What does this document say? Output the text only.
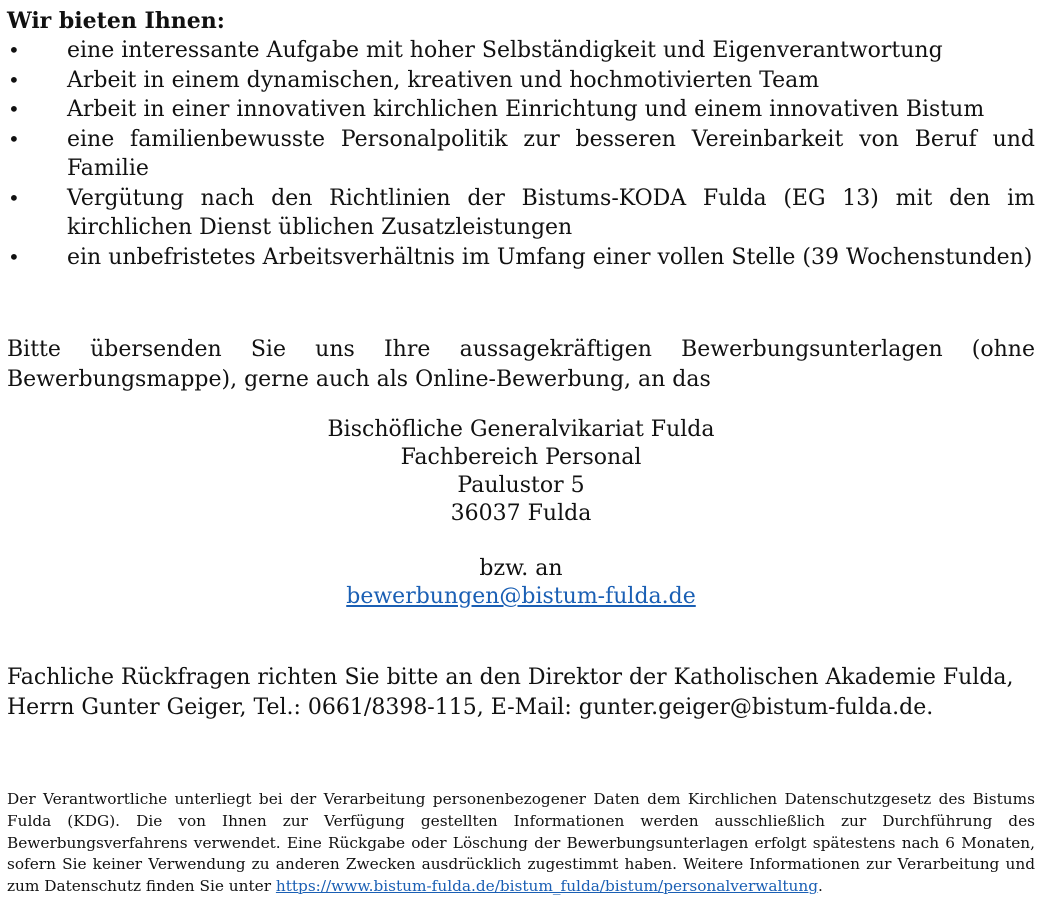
Wir bieten Ihnen:
• eine interessante Aufgabe mit hoher Selbständigkeit und Eigenverantwortung
• Arbeit in einem dynamischen, kreativen und hochmotivierten Team
• Arbeit in einer innovativen kirchlichen Einrichtung und einem innovativen Bistum
• eine familienbewusste Personalpolitik zur besseren Vereinbarkeit von Beruf und Familie
• Vergütung nach den Richtlinien der Bistums-KODA Fulda (EG 13) mit den im kirchlichen Dienst üblichen Zusatzleistungen
• ein unbefristetes Arbeitsverhältnis im Umfang einer vollen Stelle (39 Wochenstunden)

Bitte übersenden Sie uns Ihre aussagekräftigen Bewerbungsunterlagen (ohne Bewerbungsmappe), gerne auch als Online-Bewerbung, an das

Bischöfliche Generalvikariat Fulda
Fachbereich Personal
Paulustor 5
36037 Fulda
bzw. an
bewerbungen@bistum-fulda.de
Fachliche Rückfragen richten Sie bitte an den Direktor der Katholischen Akademie Fulda,
Herrn Gunter Geiger, Tel.: 0661/8398-115, E-Mail: gunter.geiger@bistum-fulda.de.

Der Verantwortliche unterliegt bei der Verarbeitung personenbezogener Daten dem Kirchlichen Datenschutzgesetz des Bistums Fulda (KDG). Die von Ihnen zur Verfügung gestellten Informationen werden ausschließlich zur Durchführung des Bewerbungsverfahrens verwendet. Eine Rückgabe oder Löschung der Bewerbungsunterlagen erfolgt spätestens nach 6 Monaten, sofern Sie keiner Verwendung zu anderen Zwecken ausdrücklich zugestimmt haben. Weitere Informationen zur Verarbeitung und zum Datenschutz finden Sie unter https://www.bistum-fulda.de/bistum_fulda/bistum/personalverwaltung.
